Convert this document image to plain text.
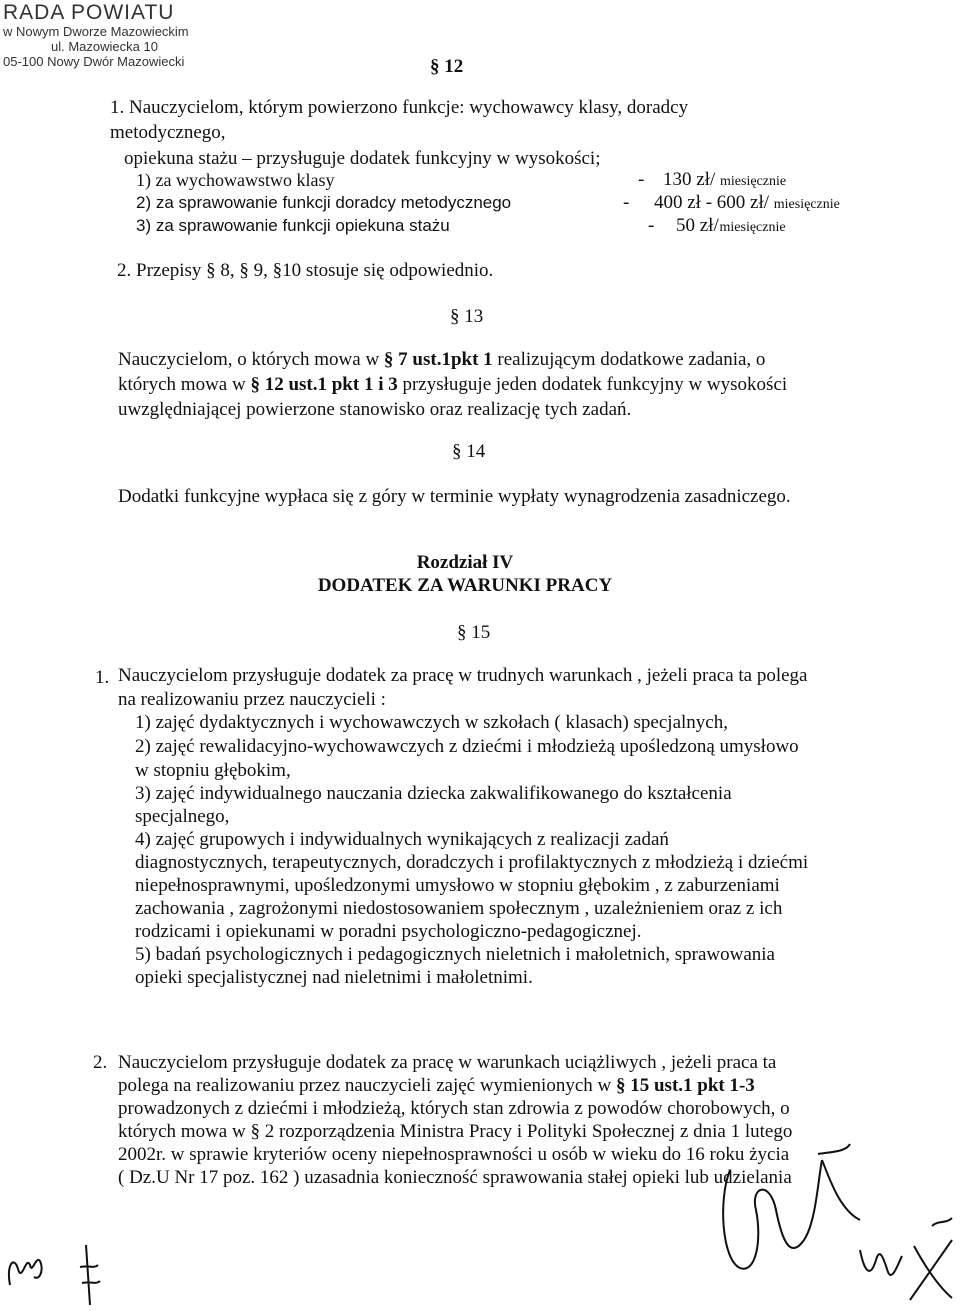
RADA POWIATU
w Nowym Dworze Mazowieckim
ul. Mazowiecka 10
05-100 Nowy Dwór Mazowiecki	§ 12
1. Nauczycielom, którym powierzono funkcje: wychowawcy klasy, doradcy
metodycznego,
opiekuna stażu – przysługuje dodatek funkcyjny w wysokości;
1) za wychowawstwo klasy	- 130 zł/ miesięcznie
2) za sprawowanie funkcji doradcy metodycznego	- 400 zł - 600 zł/ miesięcznie
3) za sprawowanie funkcji opiekuna stażu	- 50 zł/ miesięcznie
2. Przepisy § 8, § 9, §10 stosuje się odpowiednio.
§ 13
Nauczycielom, o których mowa w § 7 ust.1pkt 1 realizującym dodatkowe zadania, o
których mowa w § 12 ust.1 pkt 1 i 3 przysługuje jeden dodatek funkcyjny w wysokości
uwzględniającej powierzone stanowisko oraz realizację tych zadań.
§ 14
Dodatki funkcyjne wypłaca się z góry w terminie wypłaty wynagrodzenia zasadniczego.
Rozdział IV
DODATEK ZA WARUNKI PRACY
§ 15
1. Nauczycielom przysługuje dodatek za pracę w trudnych warunkach , jeżeli praca ta polega
na realizowaniu przez nauczycieli :
1) zajęć dydaktycznych i wychowawczych w szkołach ( klasach) specjalnych,
2) zajęć rewalidacyjno-wychowawczych z dziećmi i młodzieżą upośledzoną umysłowo
w stopniu głębokim,
3) zajęć indywidualnego nauczania dziecka zakwalifikowanego do kształcenia
specjalnego,
4) zajęć grupowych i indywidualnych wynikających z realizacji zadań
diagnostycznych, terapeutycznych, doradczych i profilaktycznych z młodzieżą i dziećmi
niepełnosprawnymi, upośledzonymi umysłowo w stopniu głębokim , z zaburzeniami
zachowania , zagrożonymi niedostosowaniem społecznym , uzależnieniem oraz z ich
rodzicami i opiekunami w poradni psychologiczno-pedagogicznej.
5) badań psychologicznych i pedagogicznych nieletnich i małoletnich, sprawowania
opieki specjalistycznej nad nieletnimi i małoletnimi.
2. Nauczycielom przysługuje dodatek za pracę w warunkach uciążliwych , jeżeli praca ta
polega na realizowaniu przez nauczycieli zajęć wymienionych w § 15 ust.1 pkt 1-3
prowadzonych z dziećmi i młodzieżą, których stan zdrowia z powodów chorobowych, o
których mowa w § 2 rozporządzenia Ministra Pracy i Polityki Społecznej z dnia 1 lutego
2002r. w sprawie kryteriów oceny niepełnosprawności u osób w wieku do 16 roku życia
( Dz.U Nr 17 poz. 162 ) uzasadnia konieczność sprawowania stałej opieki lub udzielania
